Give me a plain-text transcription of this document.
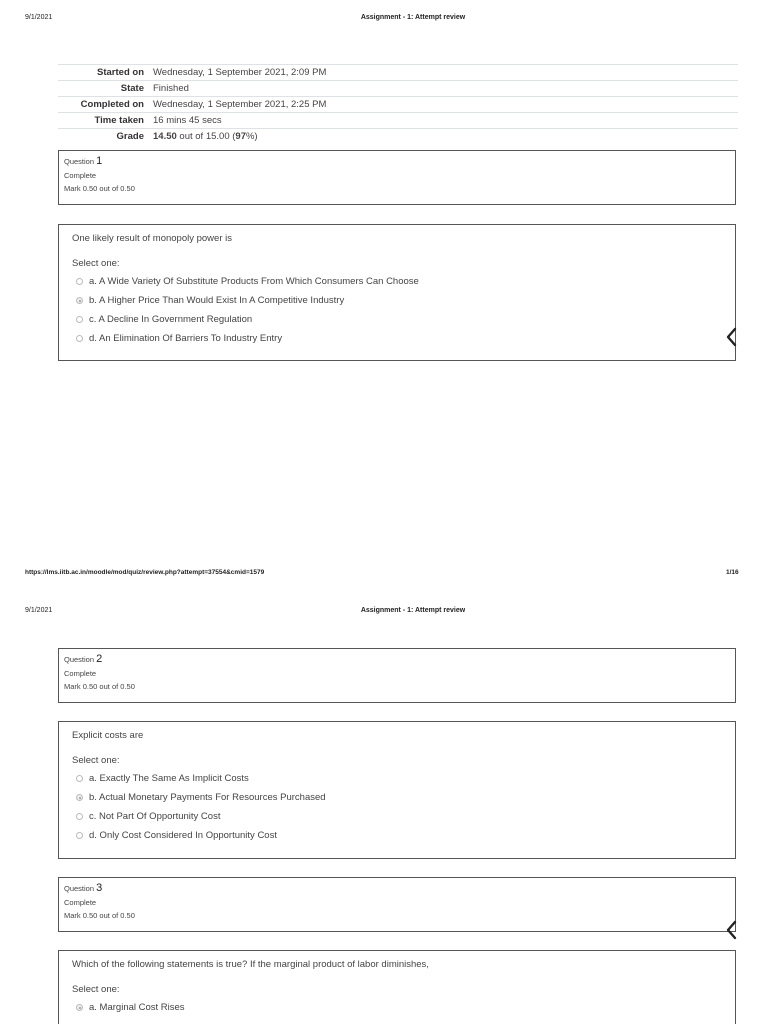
9/1/2021	Assignment - 1: Attempt review
Started on Wednesday, 1 September 2021, 2:09 PM
State Finished
Completed on Wednesday, 1 September 2021, 2:25 PM
Time taken 16 mins 45 secs
Grade 14.50 out of 15.00 (97%)
Question 1
Complete
Mark 0.50 out of 0.50
One likely result of monopoly power is
Select one:
a. A Wide Variety Of Substitute Products From Which Consumers Can Choose
b. A Higher Price Than Would Exist In A Competitive Industry
c. A Decline In Government Regulation
d. An Elimination Of Barriers To Industry Entry
https://lms.iitb.ac.in/moodle/mod/quiz/review.php?attempt=37554&cmid=1579	1/16
9/1/2021	Assignment - 1: Attempt review
Question 2
Complete
Mark 0.50 out of 0.50
Explicit costs are
Select one:
a. Exactly The Same As Implicit Costs
b. Actual Monetary Payments For Resources Purchased
c. Not Part Of Opportunity Cost
d. Only Cost Considered In Opportunity Cost
Question 3
Complete
Mark 0.50 out of 0.50
Which of the following statements is true? If the marginal product of labor diminishes,
Select one:
a. Marginal Cost Rises
